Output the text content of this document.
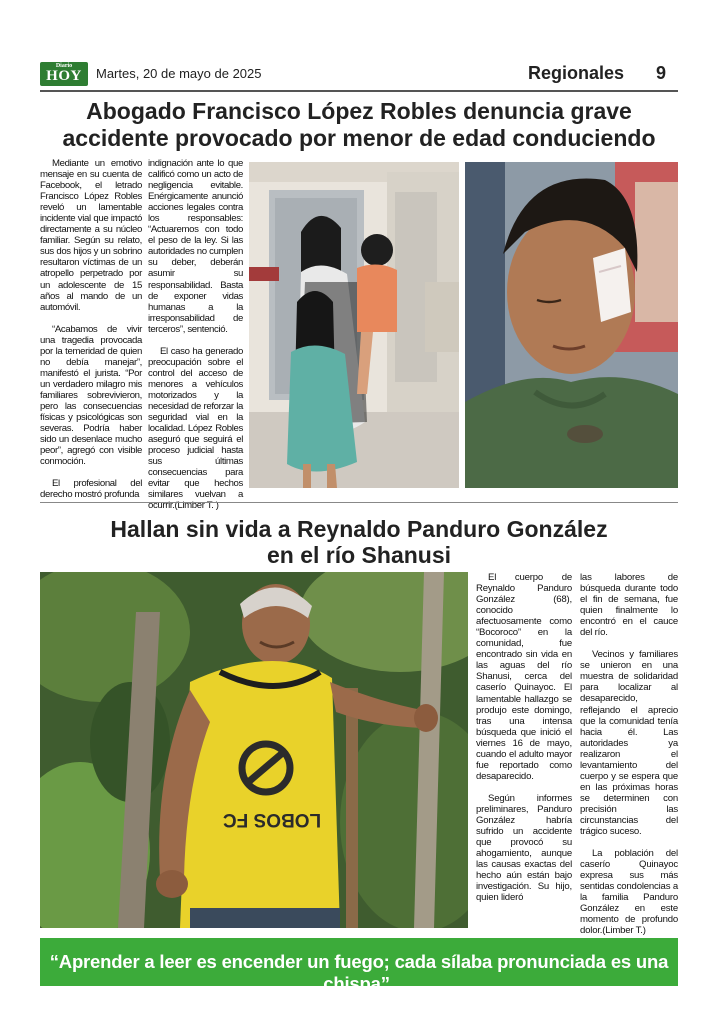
Diario
HOY	Martes, 20 de mayo de 2025	Regionales 9
Abogado Francisco López Robles denuncia grave accidente provocado por menor de edad conduciendo

Mediante un emotivo mensaje en su cuenta de Facebook, el letrado Francisco López Robles reveló un lamentable incidente vial que impactó directamente a su núcleo familiar. Según su relato, sus dos hijos y un sobrino resultaron víctimas de un atropello perpetrado por un adolescente de 15 años al mando de un automóvil.

“Acabamos de vivir una tragedia provocada por la temeridad de quien no debía manejar”, manifestó el jurista. “Por un verdadero milagro mis familiares sobrevivieron, pero las consecuencias físicas y psicológicas son severas. Podría haber sido un desenlace mucho peor”, agregó con visible conmoción.

El profesional del derecho mostró profunda

indignación ante lo que calificó como un acto de negligencia evitable. Enérgicamente anunció acciones legales contra los responsables: “Actuaremos con todo el peso de la ley. Si las autoridades no cumplen su deber, deberán asumir su responsabilidad. Basta de exponer vidas humanas a la irresponsabilidad de terceros”, sentenció.

El caso ha generado preocupación sobre el control del acceso de menores a vehículos motorizados y la necesidad de reforzar la seguridad vial en la localidad. López Robles aseguró que seguirá el proceso judicial hasta sus últimas consecuencias para evitar que hechos similares vuelvan a ocurrir.(Limber T. )

Hallan sin vida a Reynaldo Panduro González
en el río Shanusi
LOBOS FC

El cuerpo de Reynaldo Panduro González (68), conocido afectuosamente como “Bocoroco” en la comunidad, fue encontrado sin vida en las aguas del río Shanusi, cerca del caserío Quinayoc. El lamentable hallazgo se produjo este domingo, tras una intensa búsqueda que inició el viernes 16 de mayo, cuando el adulto mayor fue reportado como desaparecido.

Según informes preliminares, Panduro González habría sufrido un accidente que provocó su ahogamiento, aunque las causas exactas del hecho aún están bajo investigación. Su hijo, quien lideró

las labores de búsqueda durante todo el fin de semana, fue quien finalmente lo encontró en el cauce del río.

Vecinos y familiares se unieron en una muestra de solidaridad para localizar al desaparecido, reflejando el aprecio que la comunidad tenía hacia él. Las autoridades ya realizaron el levantamiento del cuerpo y se espera que en las próximas horas se determinen con precisión las circunstancias del trágico suceso.

La población del caserío Quinayoc expresa sus más sentidas condolencias a la familia Panduro González en este momento de profundo dolor.(Limber T.)

“Aprender a leer es encender un fuego; cada sílaba pronunciada es una chispa”.
